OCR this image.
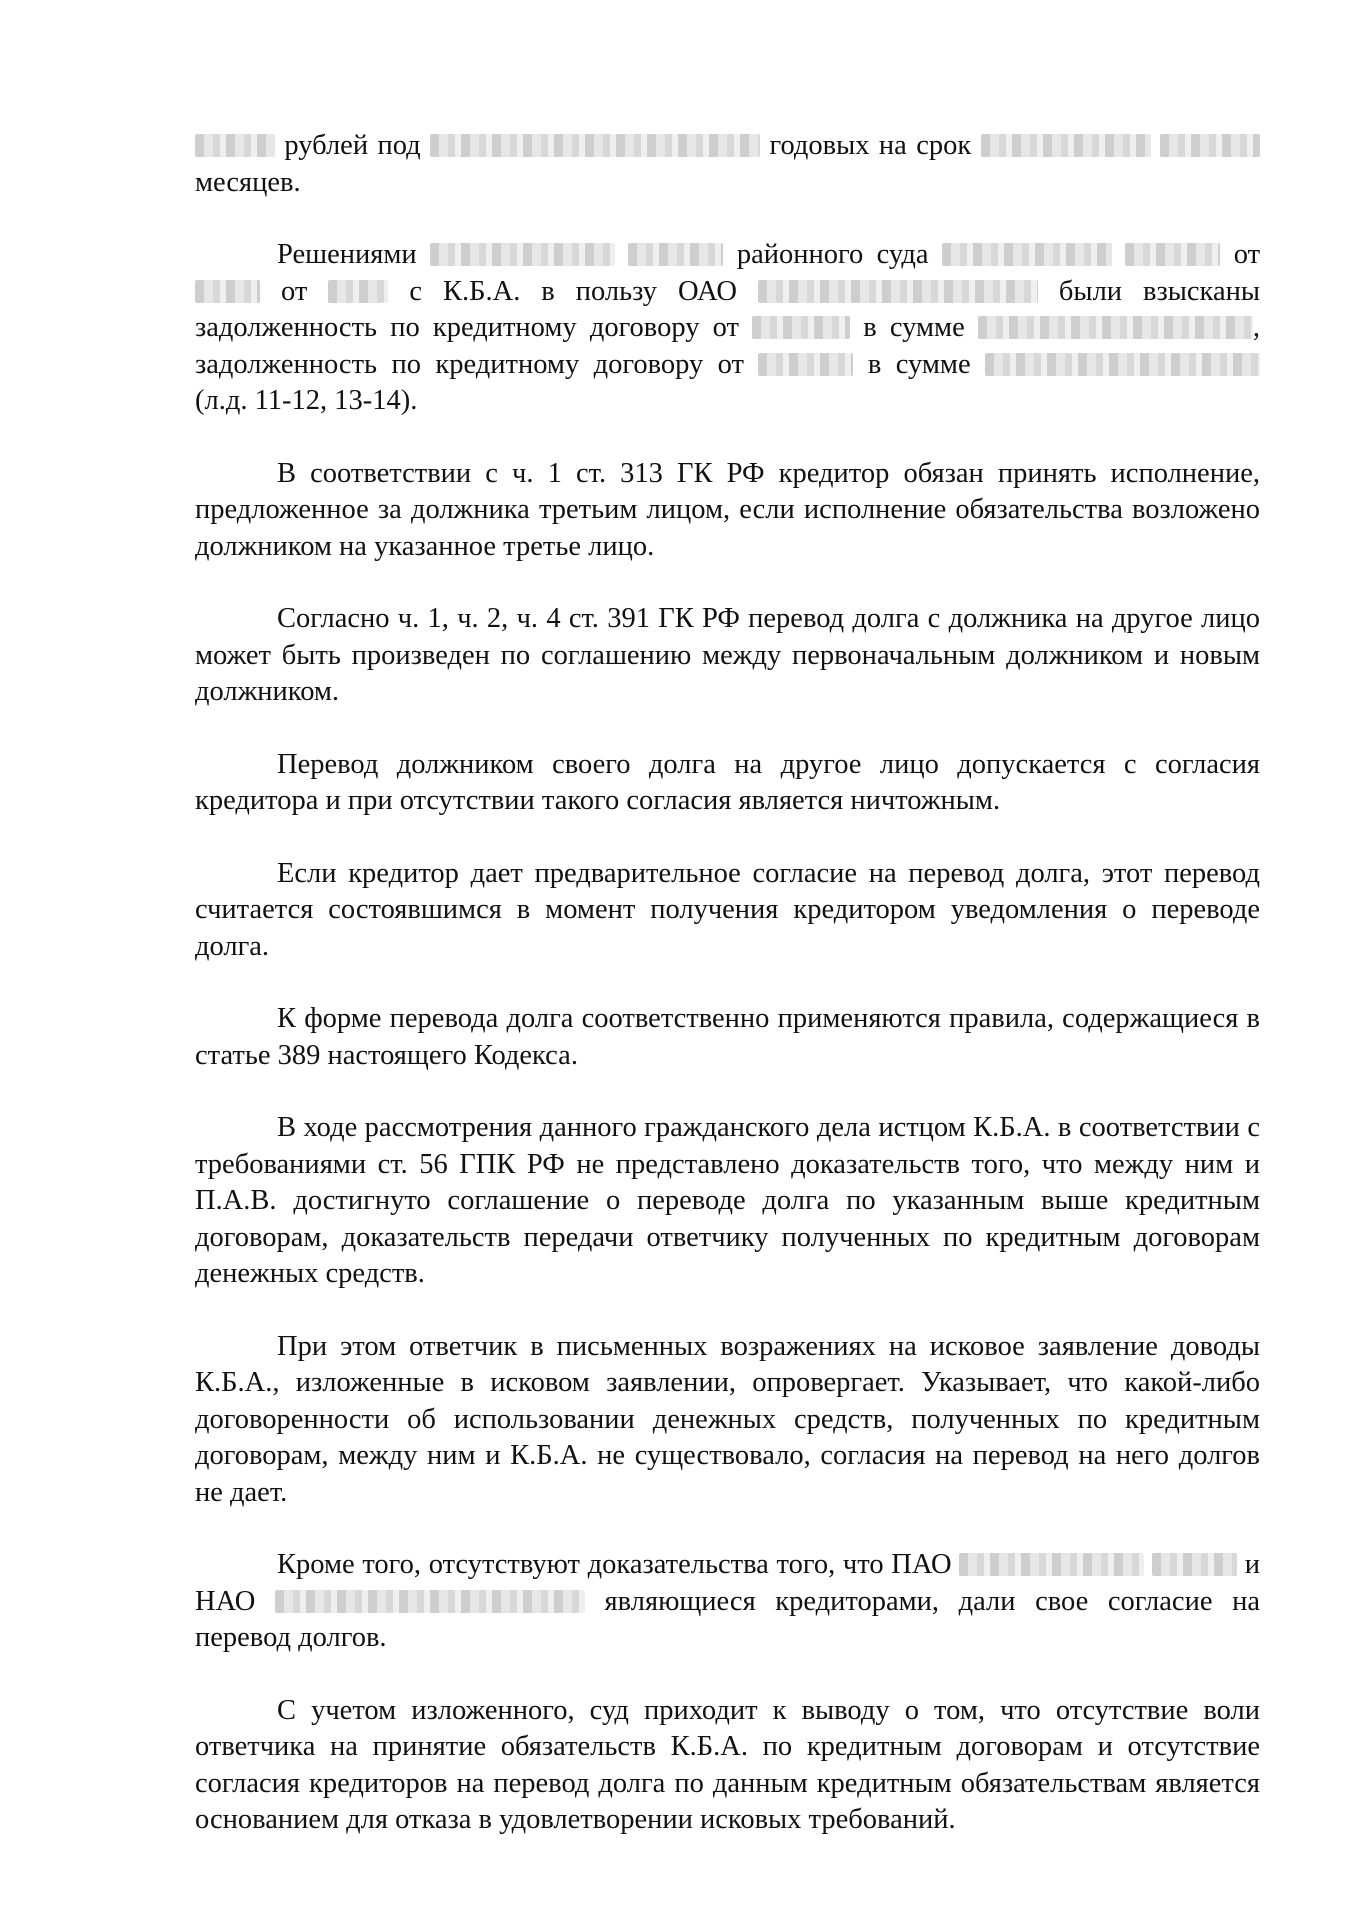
рублей под	годовых на срок   месяцев.

Решениями	районного суда	от  от	с К.Б.А. в пользу ОАО	были взысканы задолженность по кредитному договору от	в сумме	, задолженность по кредитному договору от	в сумме  (л.д. 11-12, 13-14).

В соответствии с ч. 1 ст. 313 ГК РФ кредитор обязан принять исполнение, предложенное за должника третьим лицом, если исполнение обязательства возложено должником на указанное третье лицо.

Согласно ч. 1, ч. 2, ч. 4 ст. 391 ГК РФ перевод долга с должника на другое лицо может быть произведен по соглашению между первоначальным должником и новым должником.

Перевод должником своего долга на другое лицо допускается с согласия кредитора и при отсутствии такого согласия является ничтожным.

Если кредитор дает предварительное согласие на перевод долга, этот перевод считается состоявшимся в момент получения кредитором уведомления о переводе долга.

К форме перевода долга соответственно применяются правила, содержащиеся в статье 389 настоящего Кодекса.

В ходе рассмотрения данного гражданского дела истцом К.Б.А. в соответствии с требованиями ст. 56 ГПК РФ не представлено доказательств того, что между ним и П.А.В. достигнуто соглашение о переводе долга по указанным выше кредитным договорам, доказательств передачи ответчику полученных по кредитным договорам денежных средств.

При этом ответчик в письменных возражениях на исковое заявление доводы К.Б.А., изложенные в исковом заявлении, опровергает. Указывает, что какой-либо договоренности об использовании денежных средств, полученных по кредитным договорам, между ним и К.Б.А. не существовало, согласия на перевод на него долгов не дает.

Кроме того, отсутствуют доказательства того, что ПАО	и НАО	являющиеся кредиторами, дали свое согласие на перевод долгов.

С учетом изложенного, суд приходит к выводу о том, что отсутствие воли ответчика на принятие обязательств К.Б.А. по кредитным договорам и отсутствие согласия кредиторов на перевод долга по данным кредитным обязательствам является основанием для отказа в удовлетворении исковых требований.
